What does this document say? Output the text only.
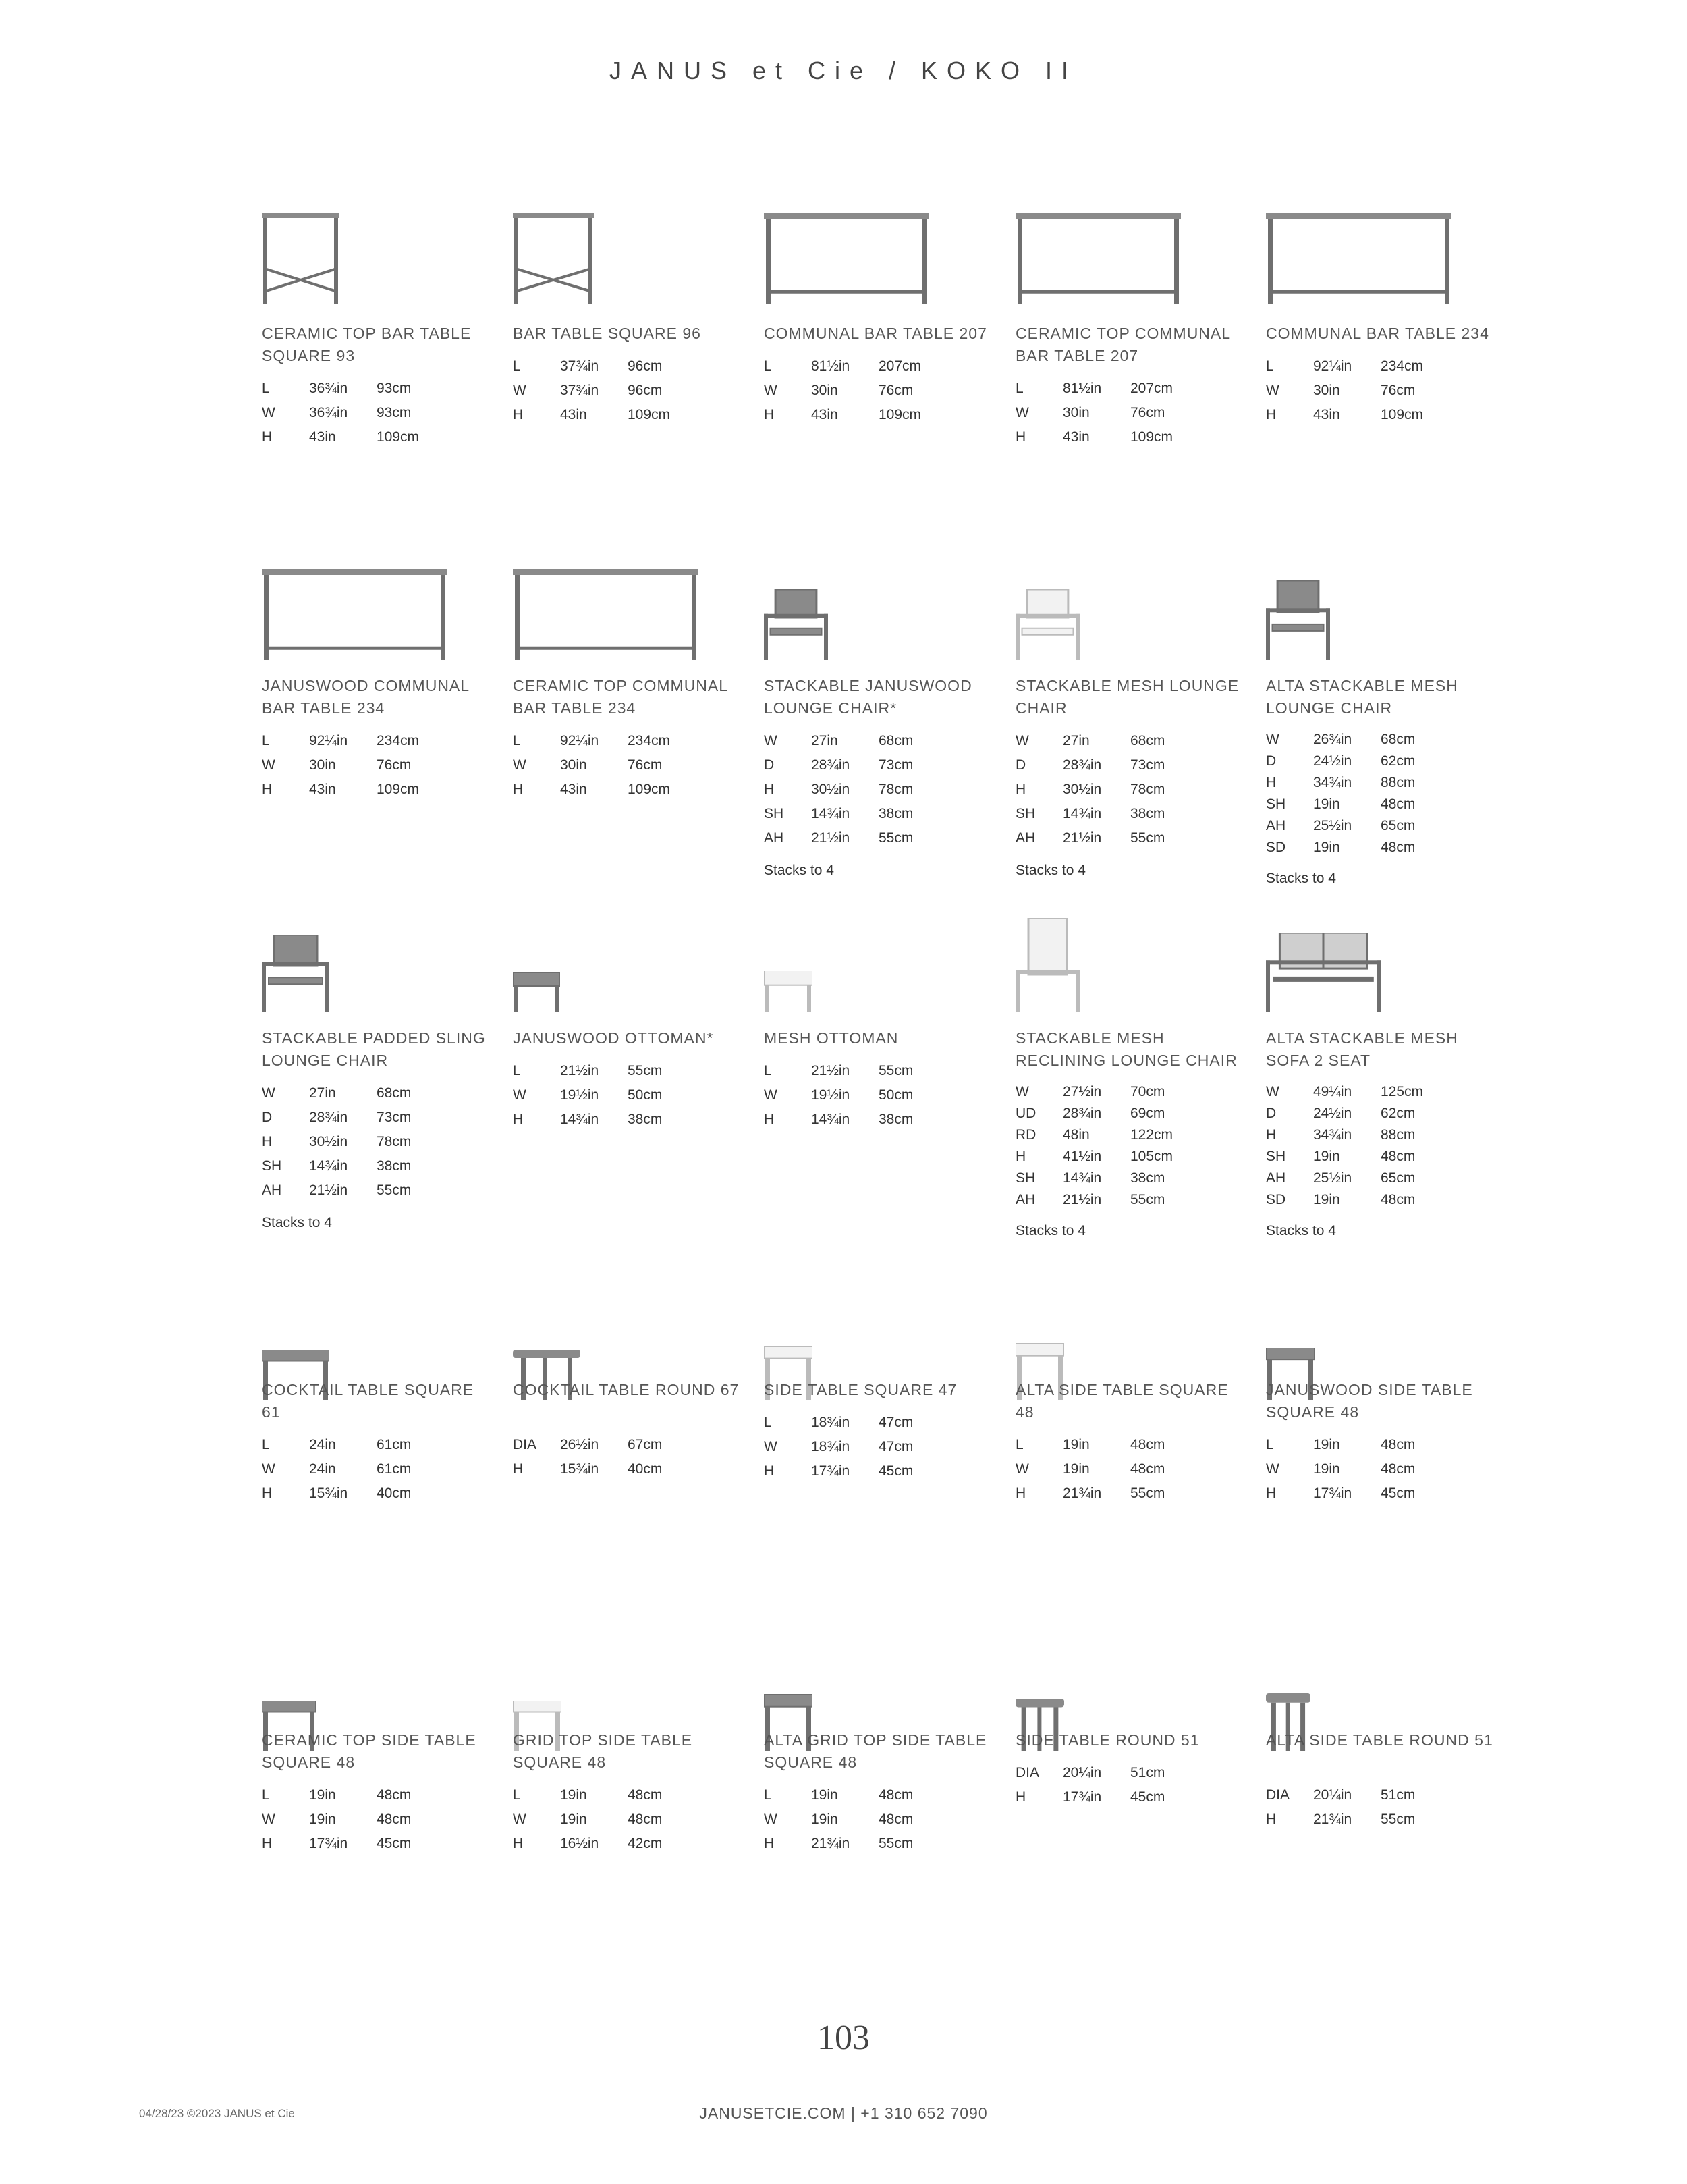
JANUS et Cie / KOKO II
CERAMIC TOP BAR TABLE SQUARE 93
L	36¾in	93cm
W	36¾in	93cm
H	43in	109cm
BAR TABLE SQUARE 96
L	37¾in	96cm
W	37¾in	96cm
H	43in	109cm
COMMUNAL BAR TABLE 207
L	81½in	207cm
W	30in	76cm
H	43in	109cm
CERAMIC TOP COMMUNAL BAR TABLE 207
L	81½in	207cm
W	30in	76cm
H	43in	109cm
COMMUNAL BAR TABLE 234
L	92¼in	234cm
W	30in	76cm
H	43in	109cm
JANUSWOOD COMMUNAL BAR TABLE 234
L	92¼in	234cm
W	30in	76cm
H	43in	109cm
CERAMIC TOP COMMUNAL BAR TABLE 234
L	92¼in	234cm
W	30in	76cm
H	43in	109cm
STACKABLE JANUSWOOD LOUNGE CHAIR*
W	27in	68cm
D	28¾in	73cm
H	30½in	78cm
SH	14¾in	38cm
AH	21½in	55cm
Stacks to 4
STACKABLE MESH LOUNGE CHAIR
W	27in	68cm
D	28¾in	73cm
H	30½in	78cm
SH	14¾in	38cm
AH	21½in	55cm
Stacks to 4
ALTA STACKABLE MESH LOUNGE CHAIR
W	26¾in	68cm
D	24½in	62cm
H	34¾in	88cm
SH	19in	48cm
AH	25½in	65cm
SD	19in	48cm
Stacks to 4
STACKABLE PADDED SLING LOUNGE CHAIR
W	27in	68cm
D	28¾in	73cm
H	30½in	78cm
SH	14¾in	38cm
AH	21½in	55cm
Stacks to 4
JANUSWOOD OTTOMAN*
L	21½in	55cm
W	19½in	50cm
H	14¾in	38cm
MESH OTTOMAN
L	21½in	55cm
W	19½in	50cm
H	14¾in	38cm
STACKABLE MESH RECLINING LOUNGE CHAIR
W	27½in	70cm
UD	28¾in	69cm
RD	48in	122cm
H	41½in	105cm
SH	14¾in	38cm
AH	21½in	55cm
Stacks to 4
ALTA STACKABLE MESH SOFA 2 SEAT
W	49¼in	125cm
D	24½in	62cm
H	34¾in	88cm
SH	19in	48cm
AH	25½in	65cm
SD	19in	48cm
Stacks to 4
COCKTAIL TABLE SQUARE 61
L	24in	61cm
W	24in	61cm
H	15¾in	40cm
COCKTAIL TABLE ROUND 67
DIA	26½in	67cm
H	15¾in	40cm
SIDE TABLE SQUARE 47
L	18¾in	47cm
W	18¾in	47cm
H	17¾in	45cm
ALTA SIDE TABLE SQUARE 48
L	19in	48cm
W	19in	48cm
H	21¾in	55cm
JANUSWOOD SIDE TABLE SQUARE 48
L	19in	48cm
W	19in	48cm
H	17¾in	45cm
CERAMIC TOP SIDE TABLE SQUARE 48
L	19in	48cm
W	19in	48cm
H	17¾in	45cm
GRID TOP SIDE TABLE SQUARE 48
L	19in	48cm
W	19in	48cm
H	16½in	42cm
ALTA GRID TOP SIDE TABLE SQUARE 48
L	19in	48cm
W	19in	48cm
H	21¾in	55cm
SIDE TABLE ROUND 51
DIA	20¼in	51cm
H	17¾in	45cm
ALTA SIDE TABLE ROUND 51
DIA	20¼in	51cm
H	21¾in	55cm
103
04/28/23 ©2023 JANUS et Cie	JANUSETCIE.COM | +1 310 652 7090
